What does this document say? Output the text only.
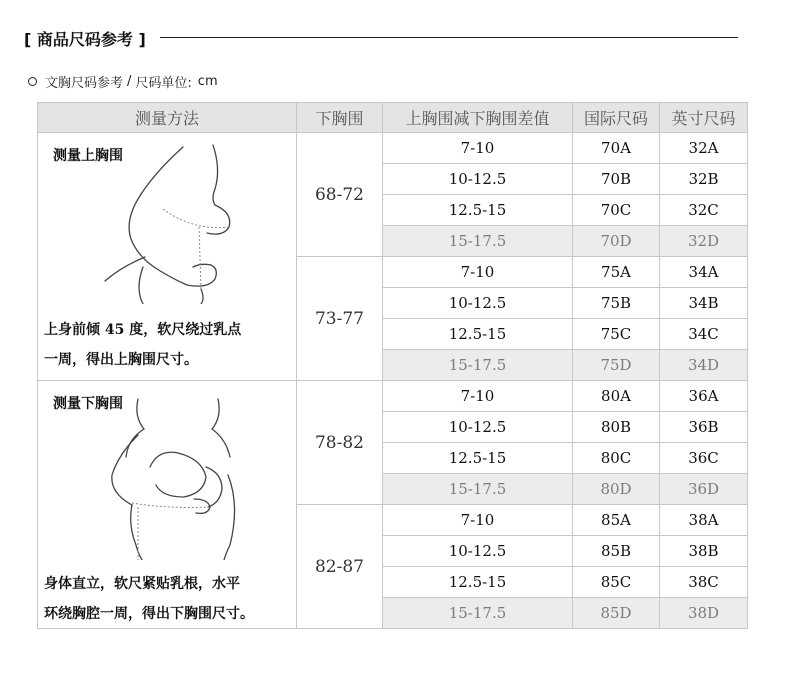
[ 商品尺码参考 ]
文胸尺码参考 / 尺码单位: cm
测量方法	下胸围	上胸围减下胸围差值	国际尺码	英寸尺码

测量上胸围
上身前倾 45 度，软尺绕过乳点
一周，得出上胸围尺寸。	68-72	7-10	70A	32A
		10-12.5	70B	32B
		12.5-15	70C	32C
		15-17.5	70D	32D
	73-77	7-10	75A	34A
		10-12.5	75B	34B
		12.5-15	75C	34C
		15-17.5	75D	34D

测量下胸围
身体直立，软尺紧贴乳根，水平
环绕胸腔一周，得出下胸围尺寸。	78-82	7-10	80A	36A
		10-12.5	80B	36B
		12.5-15	80C	36C
		15-17.5	80D	36D
	82-87	7-10	85A	38A
		10-12.5	85B	38B
		12.5-15	85C	38C
		15-17.5	85D	38D
